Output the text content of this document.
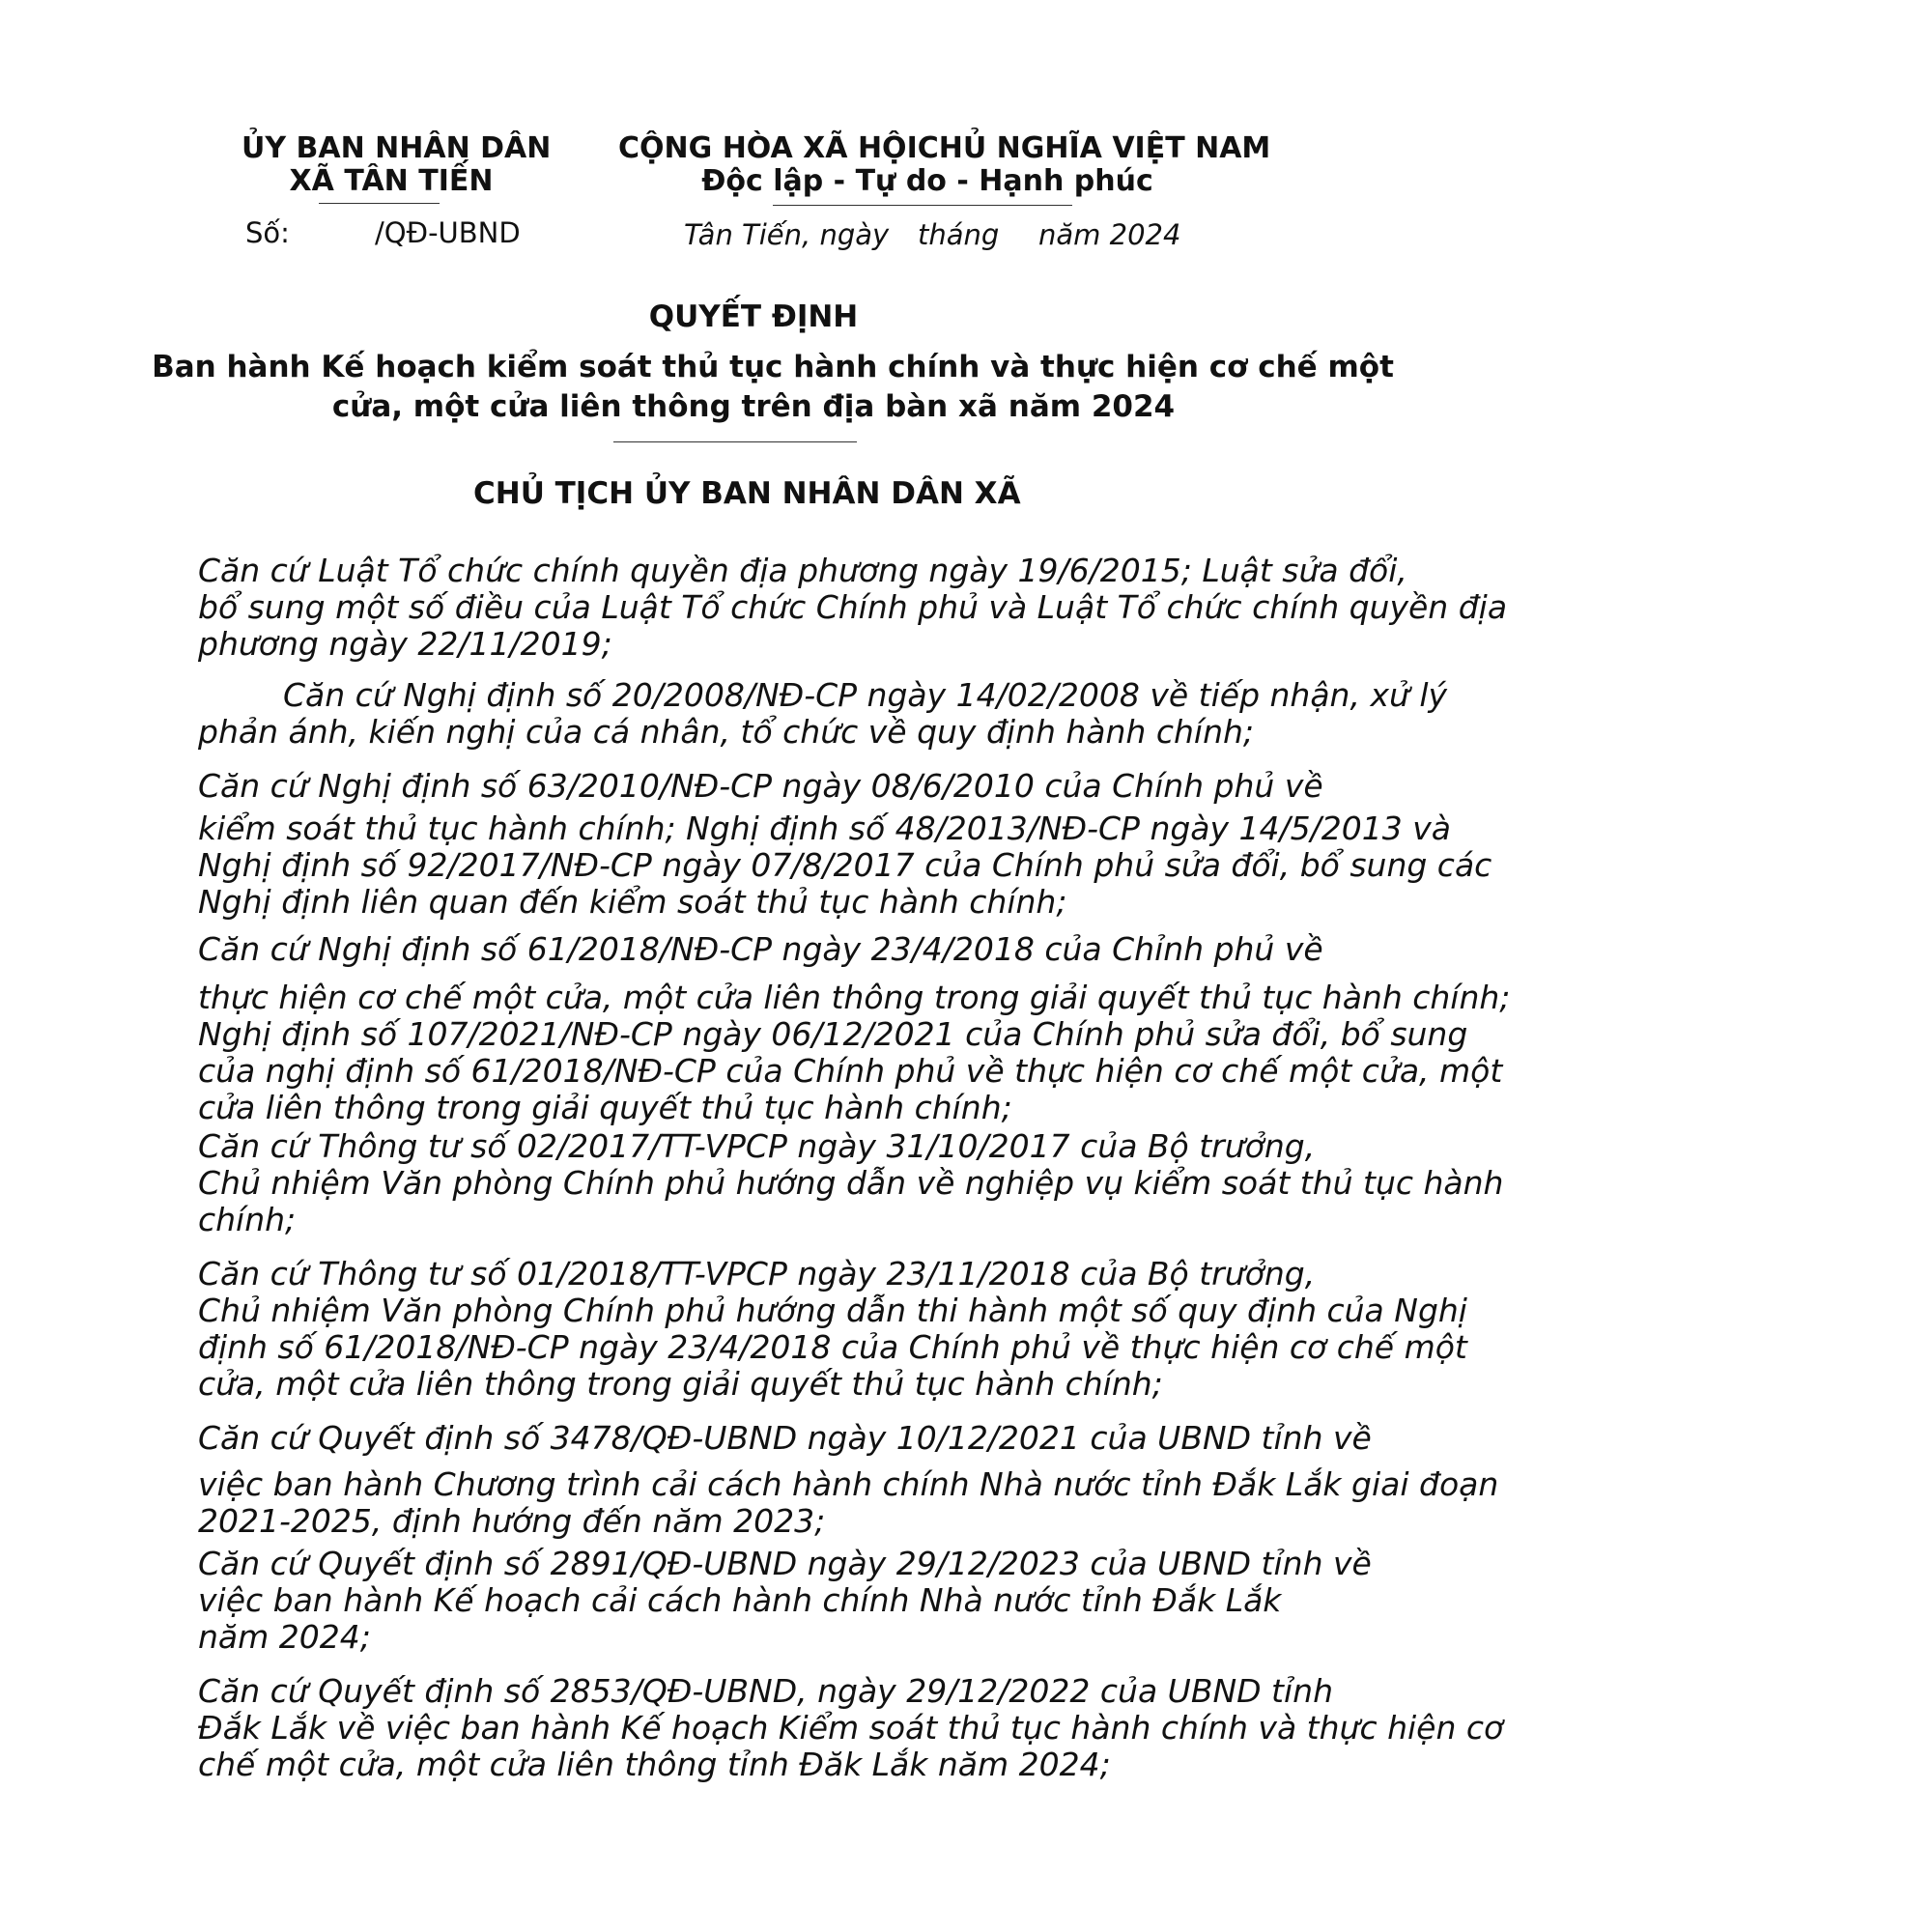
ỦY BAN NHÂN DÂN
XÃ TÂN TIẾN
Số:	/QĐ-UBND
CỘNG HÒA XÃ HỘICHỦ NGHĨA VIỆT NAM
Độc lập - Tự do - Hạnh phúc
Tân Tiến, ngày tháng năm 2024
QUYẾT ĐỊNH
Ban hành Kế hoạch kiểm soát thủ tục hành chính và thực hiện cơ chế một
cửa, một cửa liên thông trên địa bàn xã năm 2024
CHỦ TỊCH ỦY BAN NHÂN DÂN XÃ
Căn cứ Luật Tổ chức chính quyền địa phương ngày 19/6/2015; Luật sửa đổi,
bổ sung một số điều của Luật Tổ chức Chính phủ và Luật Tổ chức chính quyền địa
phương ngày 22/11/2019;
Căn cứ Nghị định số 20/2008/NĐ-CP ngày 14/02/2008 về tiếp nhận, xử lý
phản ánh, kiến nghị của cá nhân, tổ chức về quy định hành chính;
Căn cứ Nghị định số 63/2010/NĐ-CP ngày 08/6/2010 của Chính phủ về
kiểm soát thủ tục hành chính; Nghị định số 48/2013/NĐ-CP ngày 14/5/2013 và
Nghị định số 92/2017/NĐ-CP ngày 07/8/2017 của Chính phủ sửa đổi, bổ sung các
Nghị định liên quan đến kiểm soát thủ tục hành chính;
Căn cứ Nghị định số 61/2018/NĐ-CP ngày 23/4/2018 của Chỉnh phủ về
thực hiện cơ chế một cửa, một cửa liên thông trong giải quyết thủ tục hành chính;
Nghị định số 107/2021/NĐ-CP ngày 06/12/2021 của Chính phủ sửa đổi, bổ sung
của nghị định số 61/2018/NĐ-CP của Chính phủ về thực hiện cơ chế một cửa, một
cửa liên thông trong giải quyết thủ tục hành chính;
Căn cứ Thông tư số 02/2017/TT-VPCP ngày 31/10/2017 của Bộ trưởng,
Chủ nhiệm Văn phòng Chính phủ hướng dẫn về nghiệp vụ kiểm soát thủ tục hành
chính;
Căn cứ Thông tư số 01/2018/TT-VPCP ngày 23/11/2018 của Bộ trưởng,
Chủ nhiệm Văn phòng Chính phủ hướng dẫn thi hành một số quy định của Nghị
định số 61/2018/NĐ-CP ngày 23/4/2018 của Chính phủ về thực hiện cơ chế một
cửa, một cửa liên thông trong giải quyết thủ tục hành chính;
Căn cứ Quyết định số 3478/QĐ-UBND ngày 10/12/2021 của UBND tỉnh về
việc ban hành Chương trình cải cách hành chính Nhà nước tỉnh Đắk Lắk giai đoạn
2021-2025, định hướng đến năm 2023;
Căn cứ Quyết định số 2891/QĐ-UBND ngày 29/12/2023 của UBND tỉnh về
việc ban hành Kế hoạch cải cách hành chính Nhà nước tỉnh Đắk Lắk
năm 2024;
Căn cứ Quyết định số 2853/QĐ-UBND, ngày 29/12/2022 của UBND tỉnh
Đắk Lắk về việc ban hành Kế hoạch Kiểm soát thủ tục hành chính và thực hiện cơ
chế một cửa, một cửa liên thông tỉnh Đăk Lắk năm 2024;
